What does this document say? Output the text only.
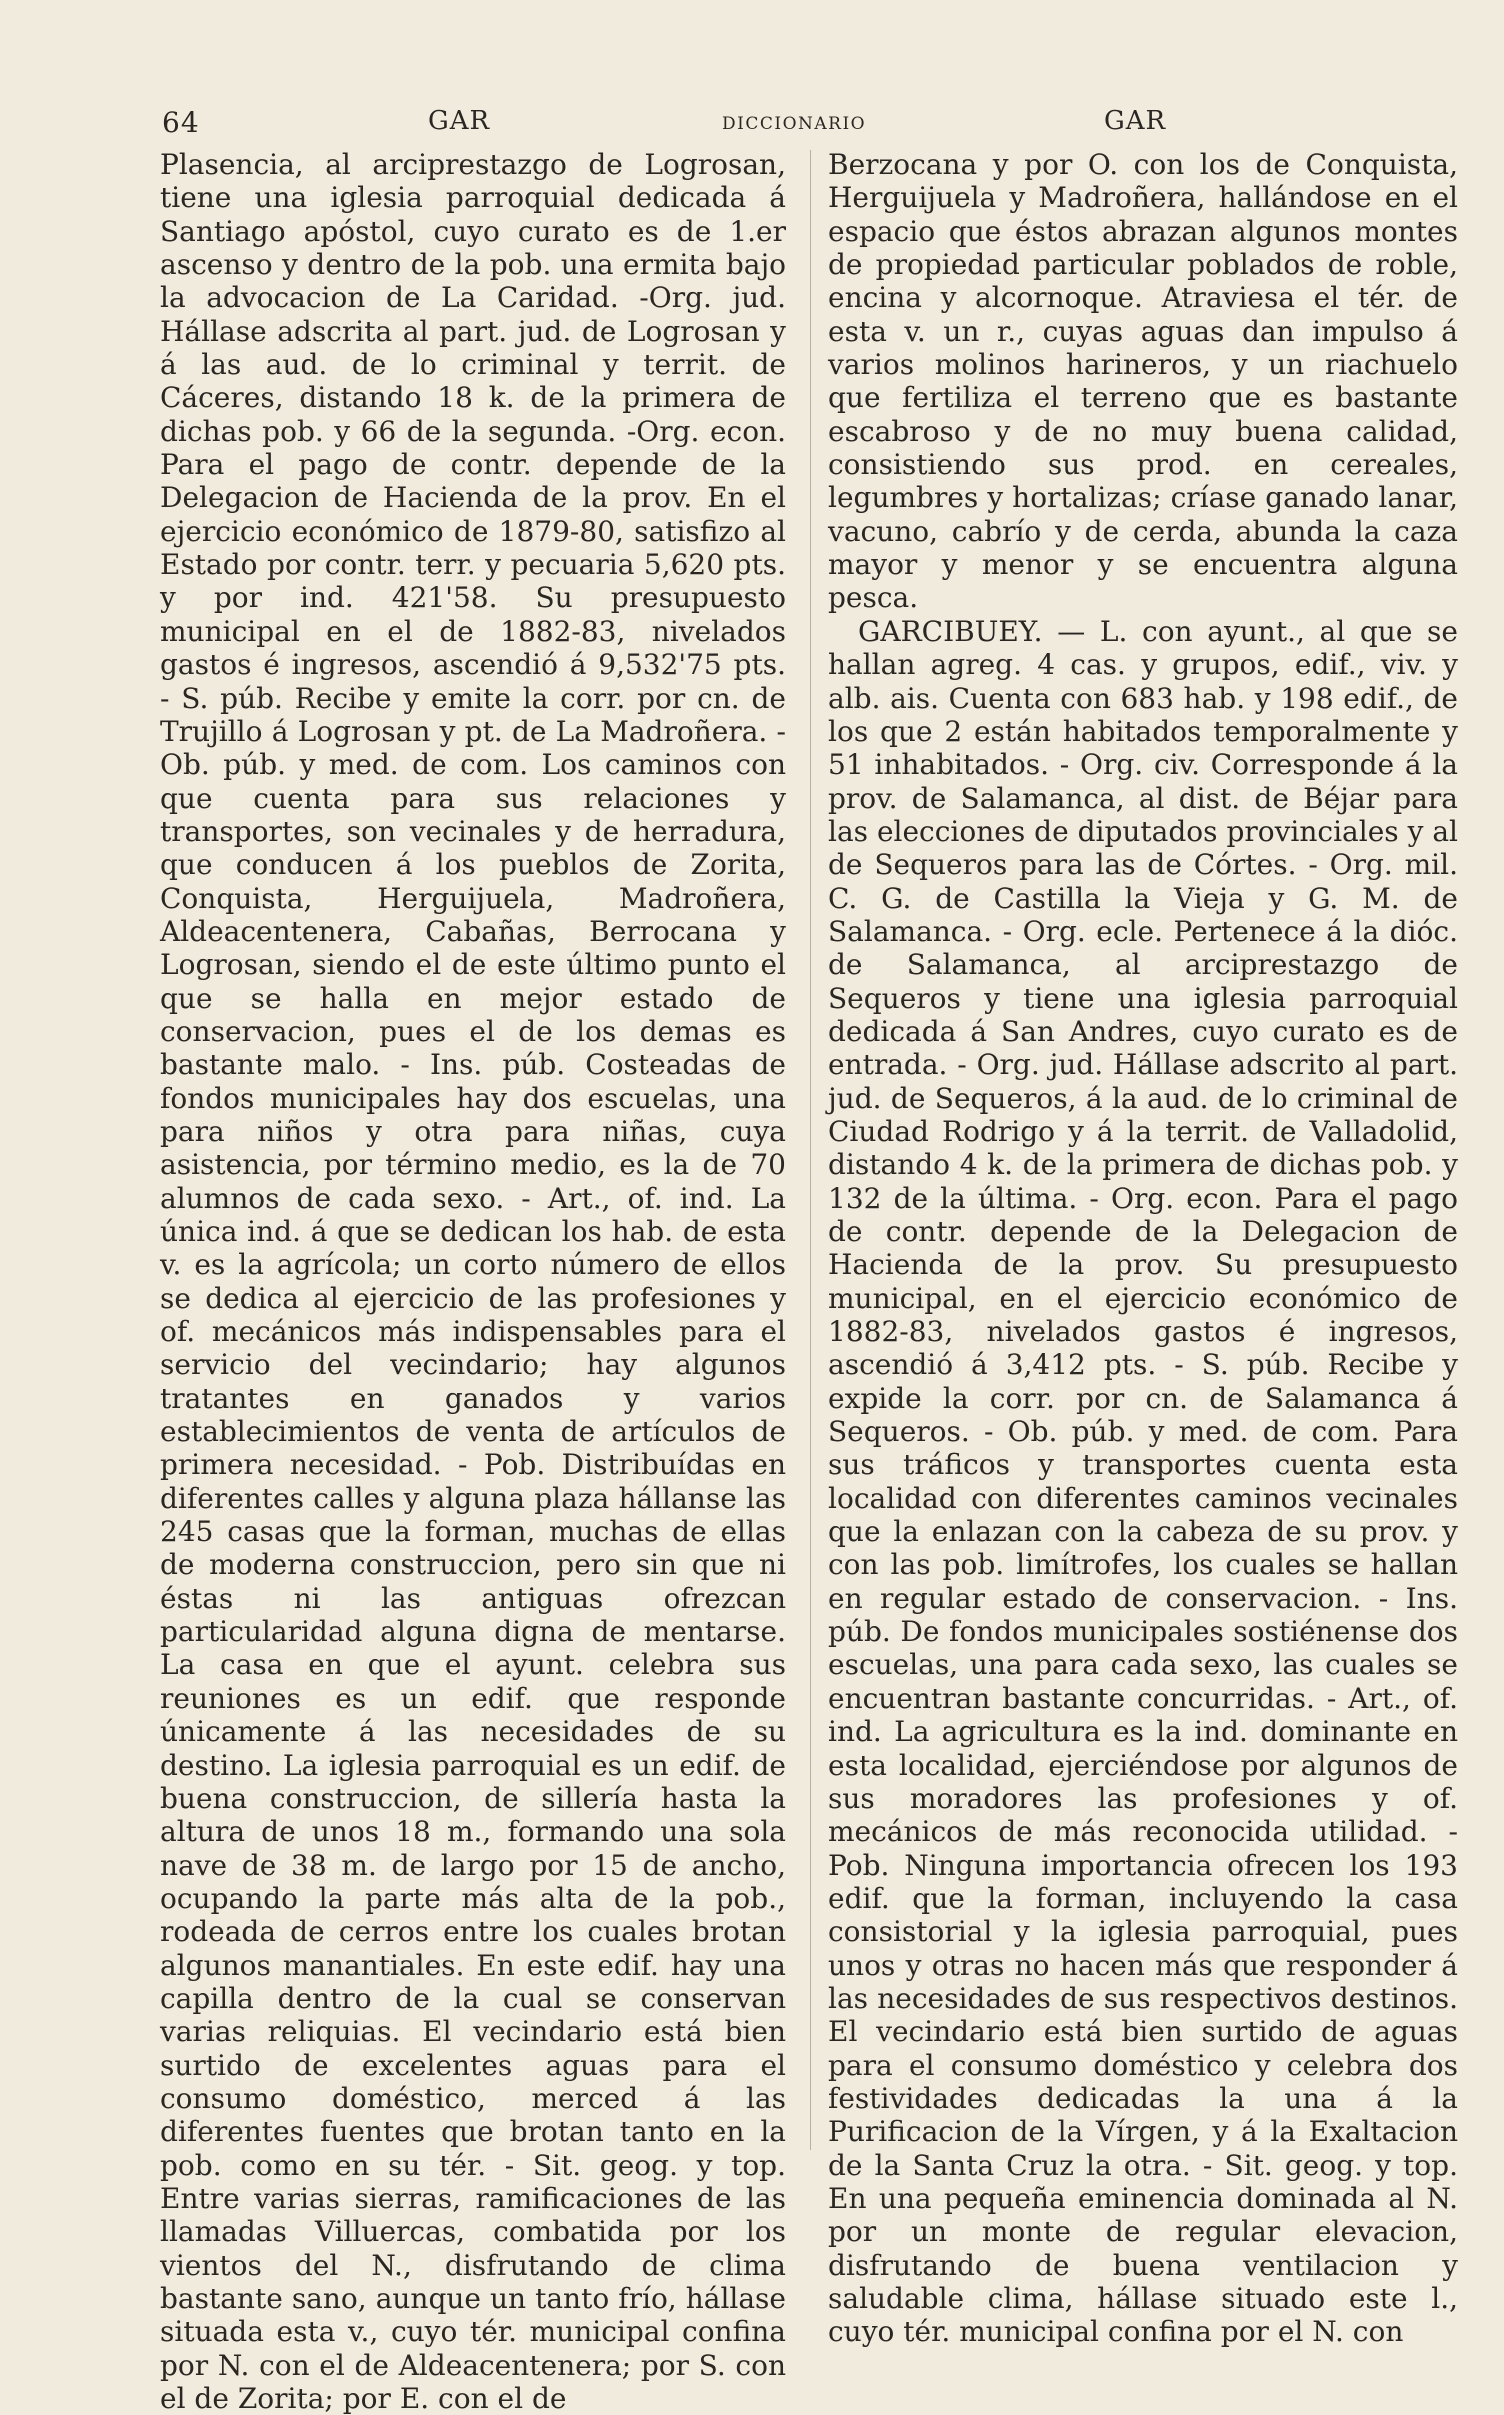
64	GAR	DICCIONARIO	GAR

Plasencia, al arciprestazgo de Logrosan, tiene una iglesia parroquial dedicada á Santiago apóstol, cuyo curato es de 1.er ascenso y dentro de la pob. una ermita bajo la advocacion de La Caridad. -Org. jud. Hállase adscrita al part. jud. de Logrosan y á las aud. de lo criminal y territ. de Cáceres, distando 18 k. de la primera de dichas pob. y 66 de la segunda. -Org. econ. Para el pago de contr. depende de la Delegacion de Hacienda de la prov. En el ejercicio económico de 1879-80, satisfizo al Estado por contr. terr. y pecuaria 5,620 pts. y por ind. 421'58. Su presupuesto municipal en el de 1882-83, nivelados gastos é ingresos, ascendió á 9,532'75 pts. - S. púb. Recibe y emite la corr. por cn. de Trujillo á Logrosan y pt. de La Madroñera. - Ob. púb. y med. de com. Los caminos con que cuenta para sus relaciones y transportes, son vecinales y de herradura, que conducen á los pueblos de Zorita, Conquista, Herguijuela, Madroñera, Aldeacentenera, Cabañas, Berrocana y Logrosan, siendo el de este último punto el que se halla en mejor estado de conservacion, pues el de los demas es bastante malo. - Ins. púb. Costeadas de fondos municipales hay dos escuelas, una para niños y otra para niñas, cuya asistencia, por término medio, es la de 70 alumnos de cada sexo. - Art., of. ind. La única ind. á que se dedican los hab. de esta v. es la agrícola; un corto número de ellos se dedica al ejercicio de las profesiones y of. mecánicos más indispensables para el servicio del vecindario; hay algunos tratantes en ganados y varios establecimientos de venta de artículos de primera necesidad. - Pob. Distribuídas en diferentes calles y alguna plaza hállanse las 245 casas que la forman, muchas de ellas de moderna construccion, pero sin que ni éstas ni las antiguas ofrezcan particularidad alguna digna de mentarse. La casa en que el ayunt. celebra sus reuniones es un edif. que responde únicamente á las necesidades de su destino. La iglesia parroquial es un edif. de buena construccion, de sillería hasta la altura de unos 18 m., formando una sola nave de 38 m. de largo por 15 de ancho, ocupando la parte más alta de la pob., rodeada de cerros entre los cuales brotan algunos manantiales. En este edif. hay una capilla dentro de la cual se conservan varias reliquias. El vecindario está bien surtido de excelentes aguas para el consumo doméstico, merced á las diferentes fuentes que brotan tanto en la pob. como en su tér. - Sit. geog. y top. Entre varias sierras, ramificaciones de las llamadas Villuercas, combatida por los vientos del N., disfrutando de clima bastante sano, aunque un tanto frío, hállase situada esta v., cuyo tér. municipal confina por N. con el de Aldeacentenera; por S. con el de Zorita; por E. con el de

Berzocana y por O. con los de Conquista, Herguijuela y Madroñera, hallándose en el espacio que éstos abrazan algunos montes de propiedad particular poblados de roble, encina y alcornoque. Atraviesa el tér. de esta v. un r., cuyas aguas dan impulso á varios molinos harineros, y un riachuelo que fertiliza el terreno que es bastante escabroso y de no muy buena calidad, consistiendo sus prod. en cereales, legumbres y hortalizas; críase ganado lanar, vacuno, cabrío y de cerda, abunda la caza mayor y menor y se encuentra alguna pesca.

GARCIBUEY. — L. con ayunt., al que se hallan agreg. 4 cas. y grupos, edif., viv. y alb. ais. Cuenta con 683 hab. y 198 edif., de los que 2 están habitados temporalmente y 51 inhabitados. - Org. civ. Corresponde á la prov. de Salamanca, al dist. de Béjar para las elecciones de diputados provinciales y al de Sequeros para las de Córtes. - Org. mil. C. G. de Castilla la Vieja y G. M. de Salamanca. - Org. ecle. Pertenece á la dióc. de Salamanca, al arciprestazgo de Sequeros y tiene una iglesia parroquial dedicada á San Andres, cuyo curato es de entrada. - Org. jud. Hállase adscrito al part. jud. de Sequeros, á la aud. de lo criminal de Ciudad Rodrigo y á la territ. de Valladolid, distando 4 k. de la primera de dichas pob. y 132 de la última. - Org. econ. Para el pago de contr. depende de la Delegacion de Hacienda de la prov. Su presupuesto municipal, en el ejercicio económico de 1882-83, nivelados gastos é ingresos, ascendió á 3,412 pts. - S. púb. Recibe y expide la corr. por cn. de Salamanca á Sequeros. - Ob. púb. y med. de com. Para sus tráficos y transportes cuenta esta localidad con diferentes caminos vecinales que la enlazan con la cabeza de su prov. y con las pob. limítrofes, los cuales se hallan en regular estado de conservacion. - Ins. púb. De fondos municipales sostiénense dos escuelas, una para cada sexo, las cuales se encuentran bastante concurridas. - Art., of. ind. La agricultura es la ind. dominante en esta localidad, ejerciéndose por algunos de sus moradores las profesiones y of. mecánicos de más reconocida utilidad. - Pob. Ninguna importancia ofrecen los 193 edif. que la forman, incluyendo la casa consistorial y la iglesia parroquial, pues unos y otras no hacen más que responder á las necesidades de sus respectivos destinos. El vecindario está bien surtido de aguas para el consumo doméstico y celebra dos festividades dedicadas la una á la Purificacion de la Vírgen, y á la Exaltacion de la Santa Cruz la otra. - Sit. geog. y top. En una pequeña eminencia dominada al N. por un monte de regular elevacion, disfrutando de buena ventilacion y saludable clima, hállase situado este l., cuyo tér. municipal confina por el N. con
